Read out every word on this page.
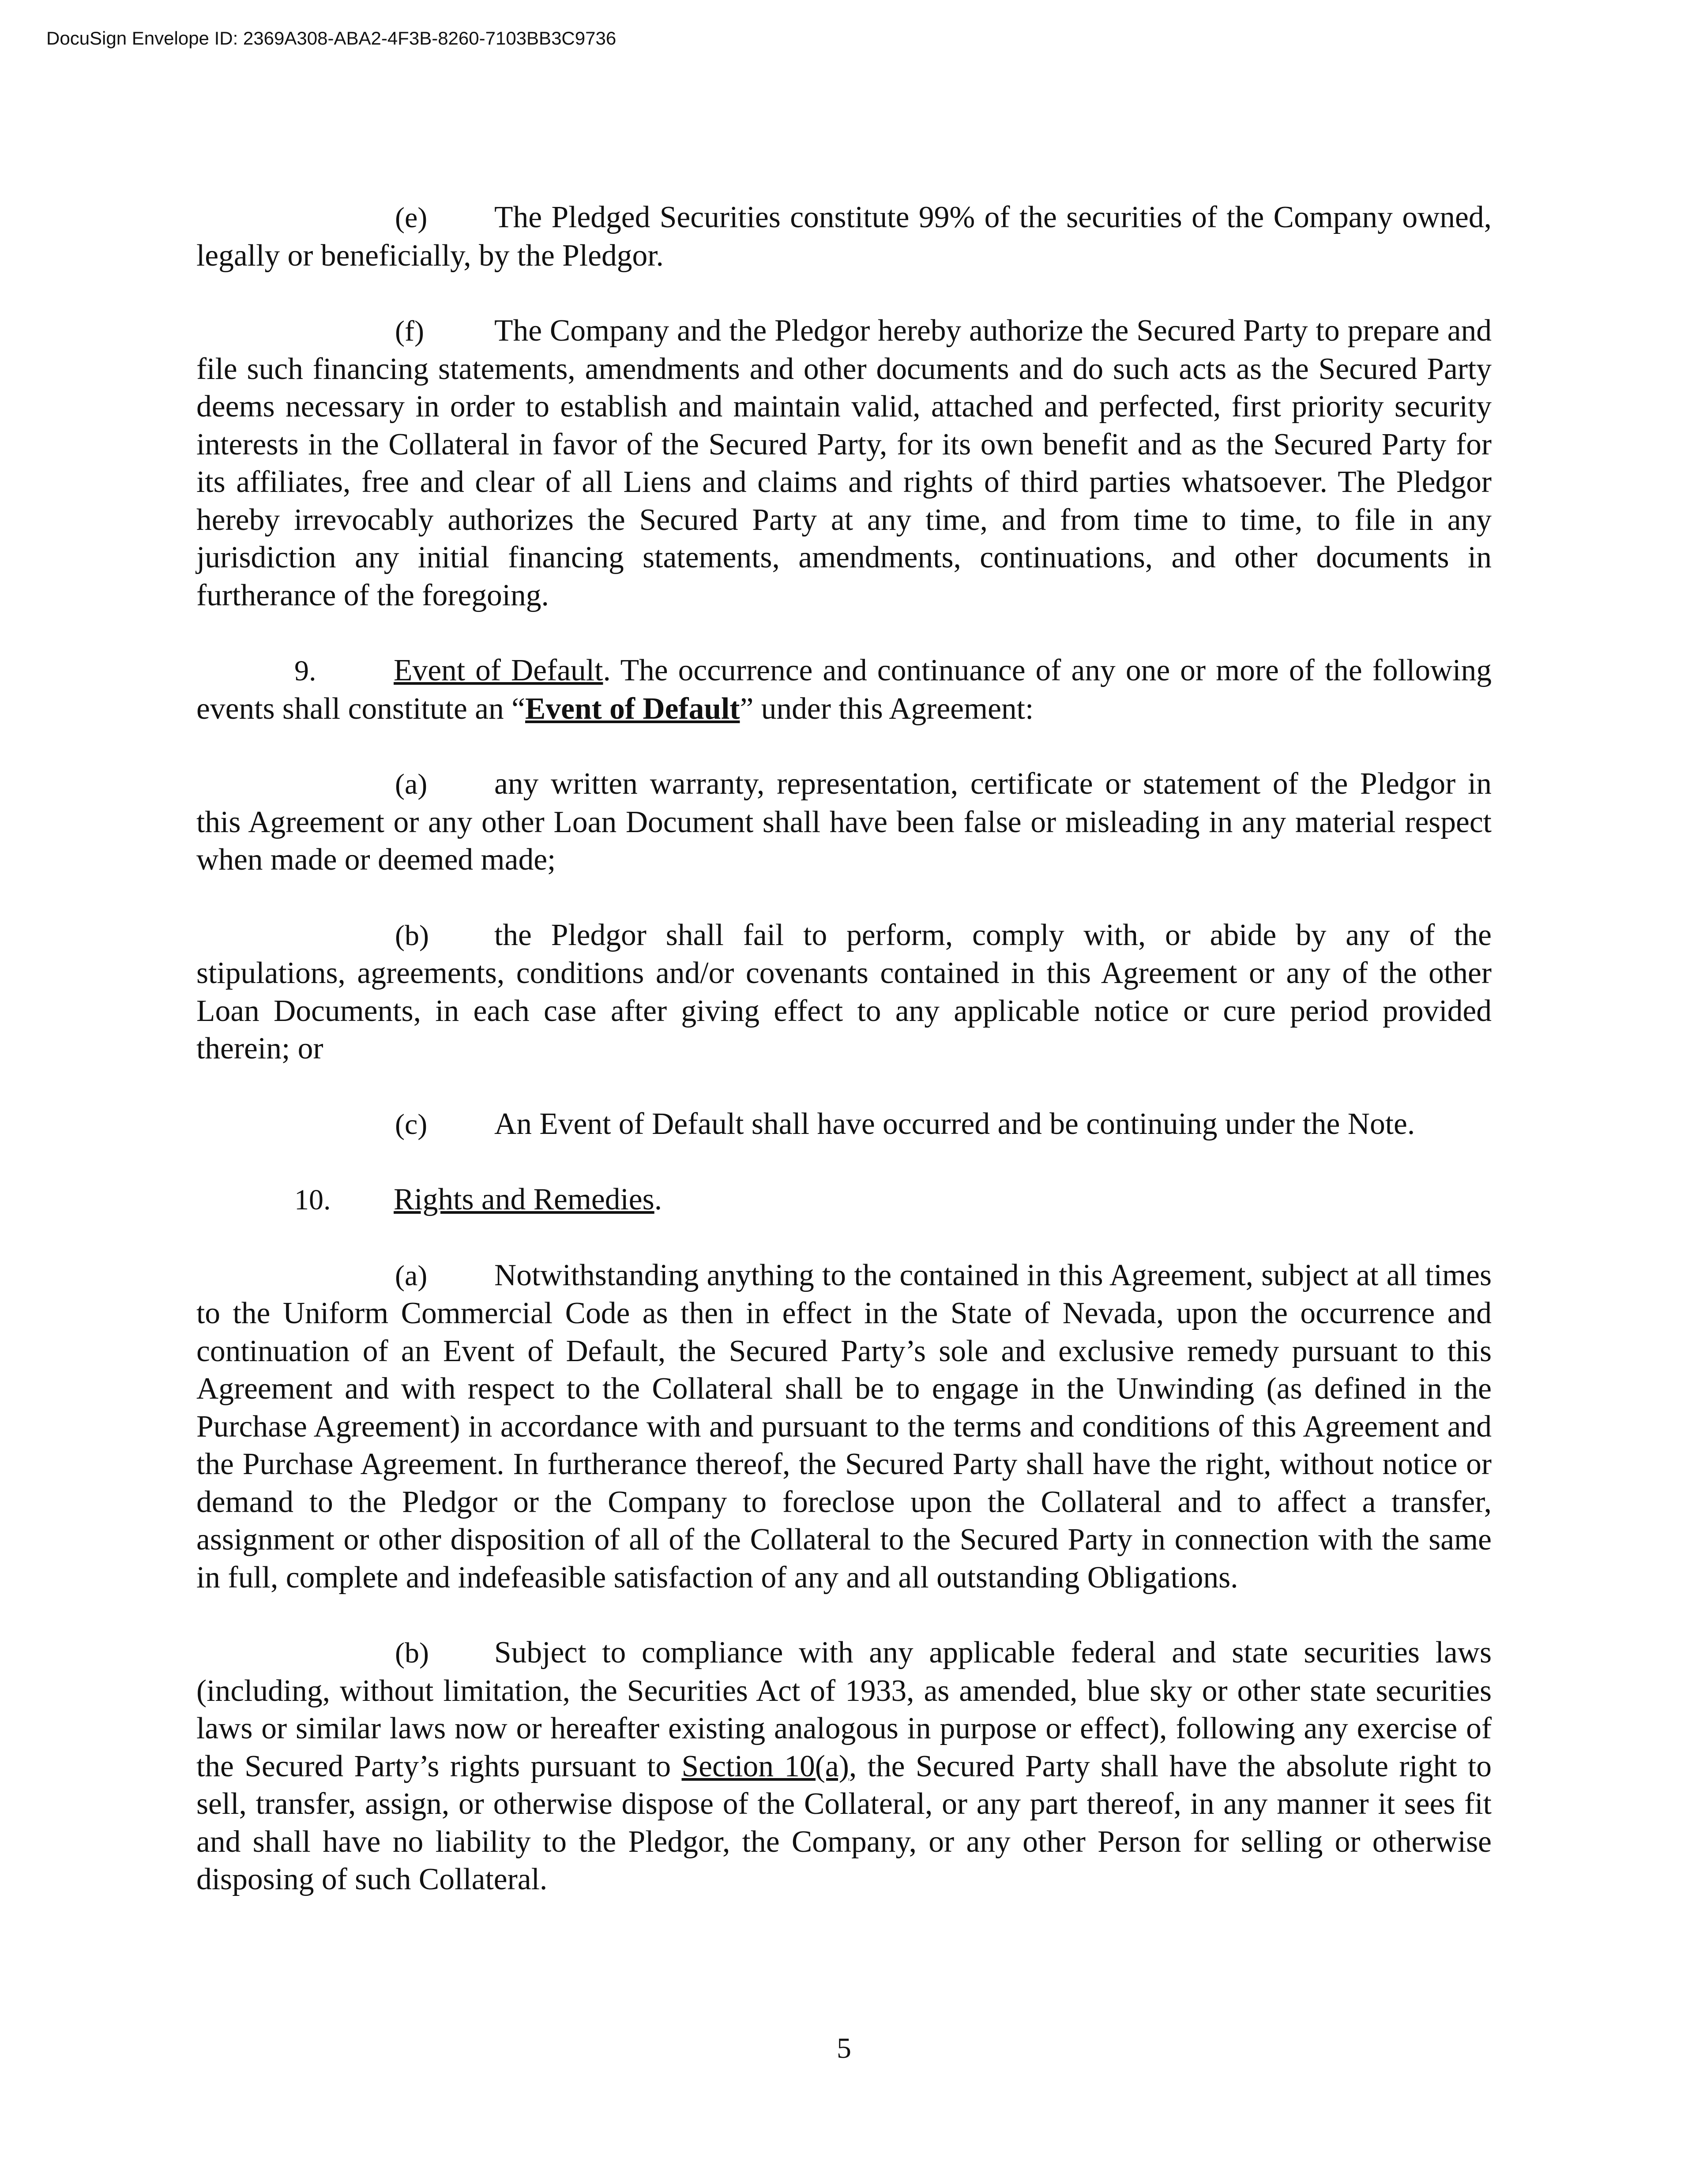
DocuSign Envelope ID: 2369A308-ABA2-4F3B-8260-7103BB3C9736

(e) The Pledged Securities constitute 99% of the securities of the Company owned, legally or beneficially, by the Pledgor.

(f) The Company and the Pledgor hereby authorize the Secured Party to prepare and file such financing statements, amendments and other documents and do such acts as the Secured Party deems necessary in order to establish and maintain valid, attached and perfected, first priority security interests in the Collateral in favor of the Secured Party, for its own benefit and as the Secured Party for its affiliates, free and clear of all Liens and claims and rights of third parties whatsoever. The Pledgor hereby irrevocably authorizes the Secured Party at any time, and from time to time, to file in any jurisdiction any initial financing statements, amendments, continuations, and other documents in furtherance of the foregoing.

9.	Event of Default. The occurrence and continuance of any one or more of the following events shall constitute an “Event of Default” under this Agreement:

(a) any written warranty, representation, certificate or statement of the Pledgor in this Agreement or any other Loan Document shall have been false or misleading in any material respect when made or deemed made;

(b) the Pledgor shall fail to perform, comply with, or abide by any of the stipulations, agreements, conditions and/or covenants contained in this Agreement or any of the other Loan Documents, in each case after giving effect to any applicable notice or cure period provided therein; or

(c) An Event of Default shall have occurred and be continuing under the Note.

10. Rights and Remedies.

(a) Notwithstanding anything to the contained in this Agreement, subject at all times to the Uniform Commercial Code as then in effect in the State of Nevada, upon the occurrence and continuation of an Event of Default, the Secured Party’s sole and exclusive remedy pursuant to this Agreement and with respect to the Collateral shall be to engage in the Unwinding (as defined in the Purchase Agreement) in accordance with and pursuant to the terms and conditions of this Agreement and the Purchase Agreement. In furtherance thereof, the Secured Party shall have the right, without notice or demand to the Pledgor or the Company to foreclose upon the Collateral and to affect a transfer, assignment or other disposition of all of the Collateral to the Secured Party in connection with the same in full, complete and indefeasible satisfaction of any and all outstanding Obligations.

(b) Subject to compliance with any applicable federal and state securities laws (including, without limitation, the Securities Act of 1933, as amended, blue sky or other state securities laws or similar laws now or hereafter existing analogous in purpose or effect), following any exercise of the Secured Party’s rights pursuant to Section 10(a), the Secured Party shall have the absolute right to sell, transfer, assign, or otherwise dispose of the Collateral, or any part thereof, in any manner it sees fit and shall have no liability to the Pledgor, the Company, or any other Person for selling or otherwise disposing of such Collateral.

5
